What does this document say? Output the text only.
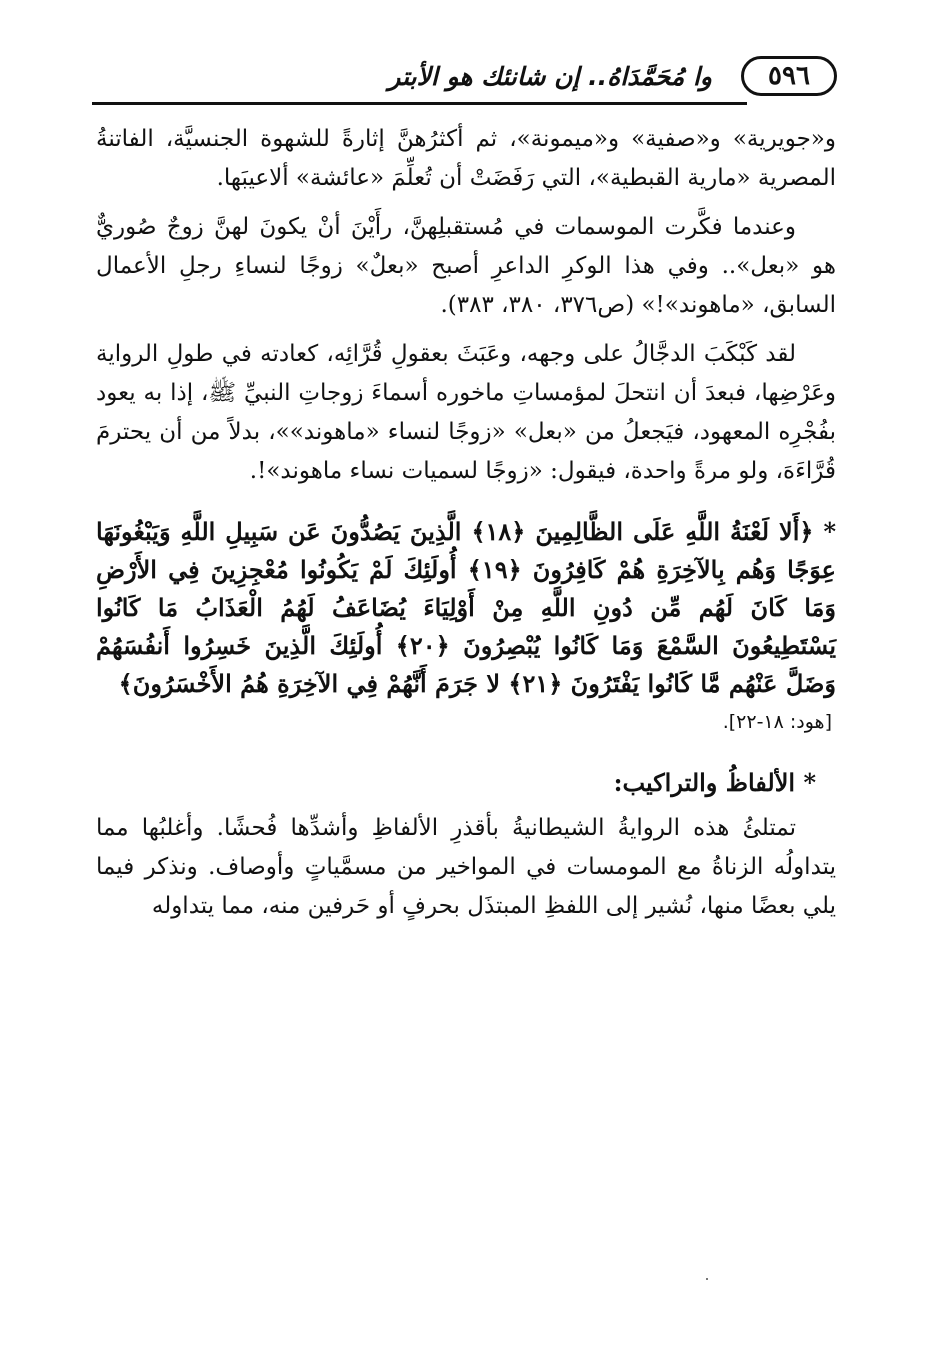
٥٩٦
وا مُحَمَّدَاهُ.. إن شانئك هو الأبتر

و«جويرية» و«صفية» و«ميمونة»، ثم أكثرُهنَّ إثارةً للشهوة الجنسيَّة، الفاتنةُ المصرية «مارية القبطية»، التي رَفَضَتْ أن تُعلِّمَ «عائشة» ألاعيبَها.

وعندما فكَّرت الموسمات في مُستقبلِهنَّ، رأَيْنَ أنْ يكونَ لهنَّ زوجٌ صُوريٌّ هو «بعل».. وفي هذا الوكرِ الداعرِ أصبح «بعلٌ» زوجًا لنساءِ رجلِ الأعمال السابق، «ماهوند»!» (ص٣٧٦، ٣٨٠، ٣٨٣).

لقد كَبْكَبَ الدجَّالُ على وجهه، وعَبَثَ بعقولِ قُرَّائِه، كعادته في طولِ الرواية وعَرْضِها، فبعدَ أن انتحلَ لمؤمساتِ ماخوره أسماءَ زوجاتِ النبيِّ ﷺ، إذا به يعود بفُجْرِه المعهود، فيَجعلُ من «بعل» «زوجًا لنساء «ماهوند»»، بدلاً من أن يحترمَ قُرَّاءَهَ، ولو مرةً واحدة، فيقول: «زوجًا لسميات نساء ماهوند»!.

* ﴿أَلا لَعْنَةُ اللَّهِ عَلَى الظَّالِمِينَ ﴿١٨﴾ الَّذِينَ يَصُدُّونَ عَن سَبِيلِ اللَّهِ وَيَبْغُونَهَا عِوَجًا وَهُم بِالآخِرَةِ هُمْ كَافِرُونَ ﴿١٩﴾ أُولَئِكَ لَمْ يَكُونُوا مُعْجِزِينَ فِي الأَرْضِ وَمَا كَانَ لَهُم مِّن دُونِ اللَّهِ مِنْ أَوْلِيَاءَ يُضَاعَفُ لَهُمُ الْعَذَابُ مَا كَانُوا يَسْتَطِيعُونَ السَّمْعَ وَمَا كَانُوا يُبْصِرُونَ ﴿٢٠﴾ أُولَئِكَ الَّذِينَ خَسِرُوا أَنفُسَهُمْ وَضَلَّ عَنْهُم مَّا كَانُوا يَفْتَرُونَ ﴿٢١﴾ لا جَرَمَ أَنَّهُمْ فِي الآخِرَةِ هُمُ الأَخْسَرُونَ﴾

[هود: ١٨-٢٢].
* الألفاظُ والتراكيب:

تمتلئُ هذه الروايةُ الشيطانيةُ بأقذرِ الألفاظِ وأشدِّها فُحشًا. وأغلبُها مما يتداولُه الزناةُ مع المومسات في المواخير من مسمَّياتٍ وأوصاف. ونذكر فيما يلي بعضًا منها، نُشير إلى اللفظِ المبتذَل بحرفٍ أو حَرفين منه، مما يتداوله
